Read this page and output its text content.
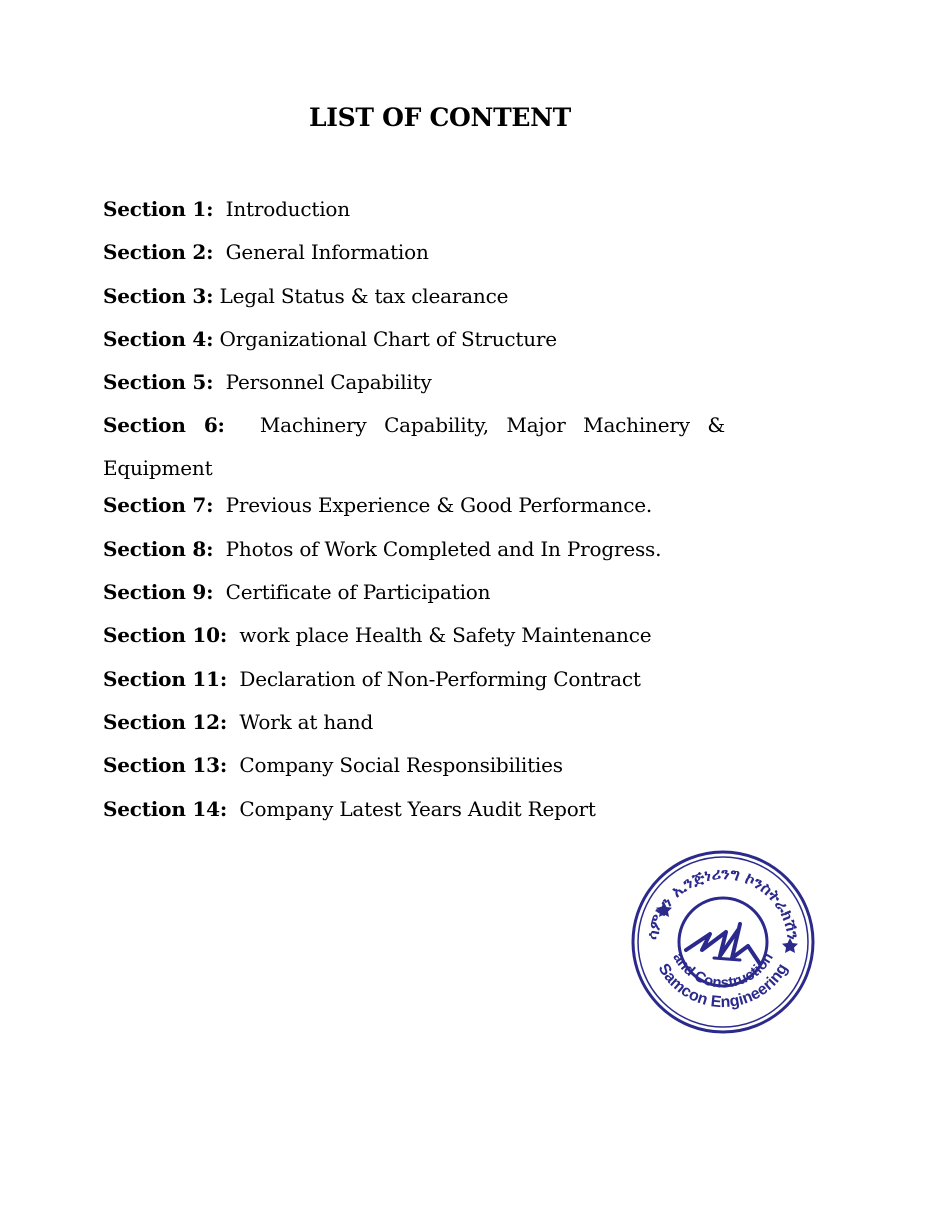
LIST OF CONTENT
Section 1: Introduction
Section 2: General Information
Section 3: Legal Status & tax clearance
Section 4: Organizational Chart of Structure
Section 5: Personnel Capability
Section 6: Machinery Capability, Major Machinery & Equipment
Section 7: Previous Experience & Good Performance.
Section 8: Photos of Work Completed and In Progress.
Section 9: Certificate of Participation
Section 10: work place Health & Safety Maintenance
Section 11: Declaration of Non-Performing Contract
Section 12: Work at hand
Section 13: Company Social Responsibilities
Section 14: Company Latest Years Audit Report
ሳምኮን ኢንጅነሪንግ ኮንስትራክሽን
Samcon Engineering
and Construction
